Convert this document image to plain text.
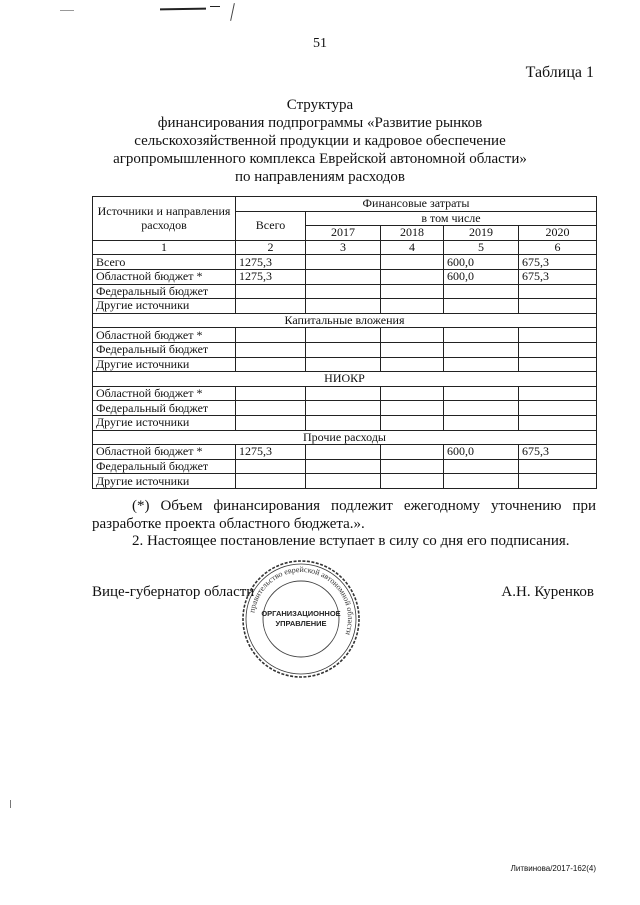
51
Таблица 1
Структура
финансирования подпрограммы «Развитие рынков
сельскохозяйственной продукции и кадровое обеспечение
агропромышленного комплекса Еврейской автономной области»
по направлениям расходов
Источники и направления расходов	Финансовые затраты				
	Всего	в том числе			
		2017	2018	2019	2020
1	2	3	4	5	6
Всего	1275,3			600,0	675,3
Областной бюджет *	1275,3			600,0	675,3
Федеральный бюджет					
Другие источники					
Капитальные вложения					
Областной бюджет *					
Федеральный бюджет					
Другие источники					
НИОКР					
Областной бюджет *					
Федеральный бюджет					
Другие источники					
Прочие расходы					
Областной бюджет *	1275,3			600,0	675,3
Федеральный бюджет					
Другие источники					
(*) Объем финансирования подлежит ежегодному уточнению при
разработке проекта областного бюджета.».
2. Настоящее постановление вступает в силу со дня его подписания.
Вице-губернатор области	А.Н. Куренков
правительство еврейской автономной области
ОРГАНИЗАЦИОННОЕ
УПРАВЛЕНИЕ
Литвинова/2017-162(4)
